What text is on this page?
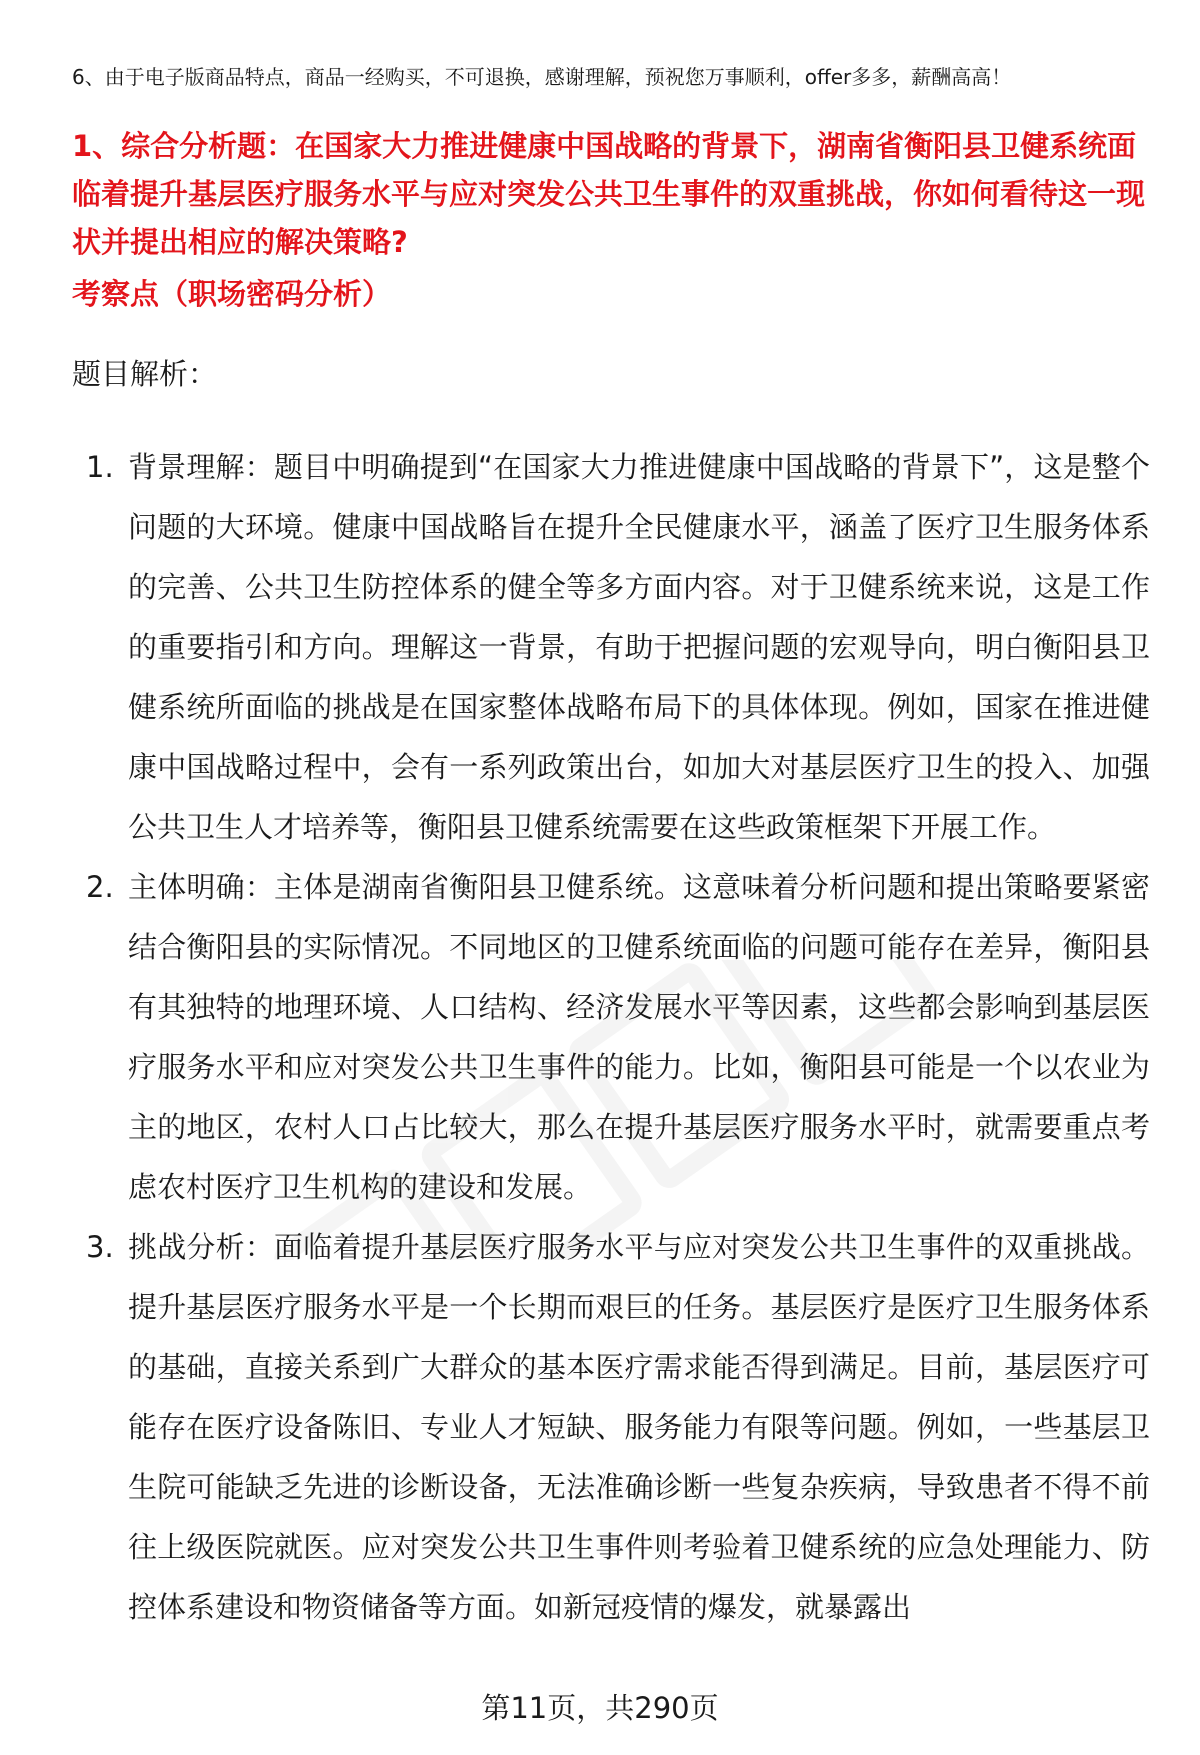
6、由于电子版商品特点，商品一经购买，不可退换，感谢理解，预祝您万事顺利，offer多多，薪酬高高！
1、综合分析题：在国家大力推进健康中国战略的背景下，湖南省衡阳县卫健系统面临着提升基层医疗服务水平与应对突发公共卫生事件的双重挑战，你如何看待这一现状并提出相应的解决策略?
考察点（职场密码分析）
题目解析：
1. 背景理解：题目中明确提到“在国家大力推进健康中国战略的背景下”，这是整个问题的大环境。健康中国战略旨在提升全民健康水平，涵盖了医疗卫生服务体系的完善、公共卫生防控体系的健全等多方面内容。对于卫健系统来说，这是工作的重要指引和方向。理解这一背景，有助于把握问题的宏观导向，明白衡阳县卫健系统所面临的挑战是在国家整体战略布局下的具体体现。例如，国家在推进健康中国战略过程中，会有一系列政策出台，如加大对基层医疗卫生的投入、加强公共卫生人才培养等，衡阳县卫健系统需要在这些政策框架下开展工作。
2. 主体明确：主体是湖南省衡阳县卫健系统。这意味着分析问题和提出策略要紧密结合衡阳县的实际情况。不同地区的卫健系统面临的问题可能存在差异，衡阳县有其独特的地理环境、人口结构、经济发展水平等因素，这些都会影响到基层医疗服务水平和应对突发公共卫生事件的能力。比如，衡阳县可能是一个以农业为主的地区，农村人口占比较大，那么在提升基层医疗服务水平时，就需要重点考虑农村医疗卫生机构的建设和发展。
3. 挑战分析：面临着提升基层医疗服务水平与应对突发公共卫生事件的双重挑战。提升基层医疗服务水平是一个长期而艰巨的任务。基层医疗是医疗卫生服务体系的基础，直接关系到广大群众的基本医疗需求能否得到满足。目前，基层医疗可能存在医疗设备陈旧、专业人才短缺、服务能力有限等问题。例如，一些基层卫生院可能缺乏先进的诊断设备，无法准确诊断一些复杂疾病，导致患者不得不前往上级医院就医。应对突发公共卫生事件则考验着卫健系统的应急处理能力、防控体系建设和物资储备等方面。如新冠疫情的爆发，就暴露出
第11页，共290页
